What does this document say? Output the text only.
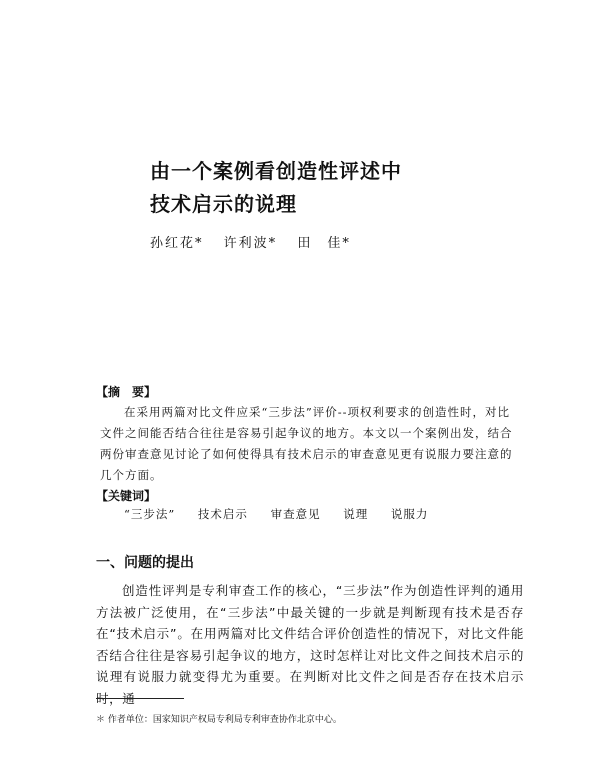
由一个案例看创造性评述中
技术启示的说理
孙红花* 许利波* 田　佳*
【摘　要】
在采用两篇对比文件应采“三步法”评价--项权利要求的创造性时，对比文件之间能否结合往往是容易引起争议的地方。本文以一个案例出发，结合两份审查意见讨论了如何使得具有技术启示的审查意见更有说服力要注意的几个方面。
【关键词】
“三步法” 技术启示 审查意见 说理 说服力
一、问题的提出
创造性评判是专利审查工作的核心，“三步法”作为创造性评判的通用方法被广泛使用，在“三步法”中最关键的一步就是判断现有技术是否存在“技术启示”。在用两篇对比文件结合评价创造性的情况下，对比文件能否结合往往是容易引起争议的地方，这时怎样让对比文件之间技术启示的说理有说服力就变得尤为重要。在判断对比文件之间是否存在技术启示时，通
＊ 作者单位：国家知识产权局专利局专利审查协作北京中心。
